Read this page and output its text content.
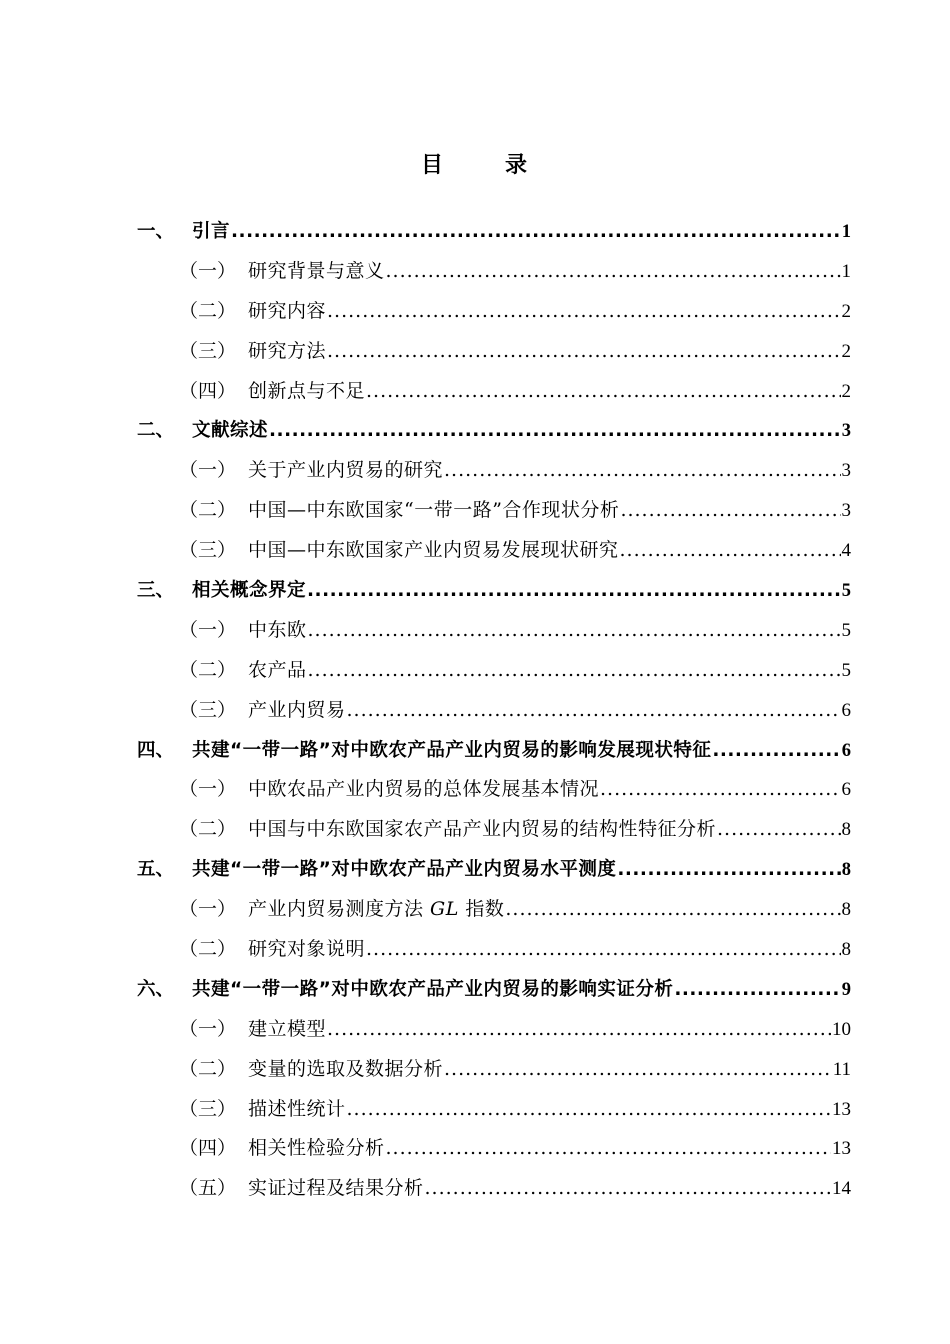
目	录
一、 引言 .....	1
（一） 研究背景与意义 .....	1
（二） 研究内容 .....	2
（三） 研究方法 .....	2
（四） 创新点与不足 .....	2
二、 文献综述 .....	3
（一） 关于产业内贸易的研究 .....	3
（二） 中国—中东欧国家“一带一路”合作现状分析 .....	3
（三） 中国—中东欧国家产业内贸易发展现状研究 .....	4
三、 相关概念界定 .....	5
（一） 中东欧 .....	5
（二） 农产品 .....	5
（三） 产业内贸易 .....	6
四、 共建“一带一路”对中欧农产品产业内贸易的影响发展现状特征 .....	6
（一） 中欧农品产业内贸易的总体发展基本情况 .....	6
（二） 中国与中东欧国家农产品产业内贸易的结构性特征分析 .....	8
五、 共建“一带一路”对中欧农产品产业内贸易水平测度 .....	8
（一） 产业内贸易测度方法 GL 指数 .....	8
（二） 研究对象说明 .....	8
六、 共建“一带一路”对中欧农产品产业内贸易的影响实证分析 .....	9
（一） 建立模型 .....	10
（二） 变量的选取及数据分析 .....	11
（三） 描述性统计 .....	13
（四） 相关性检验分析 .....	13
（五） 实证过程及结果分析 .....	14
